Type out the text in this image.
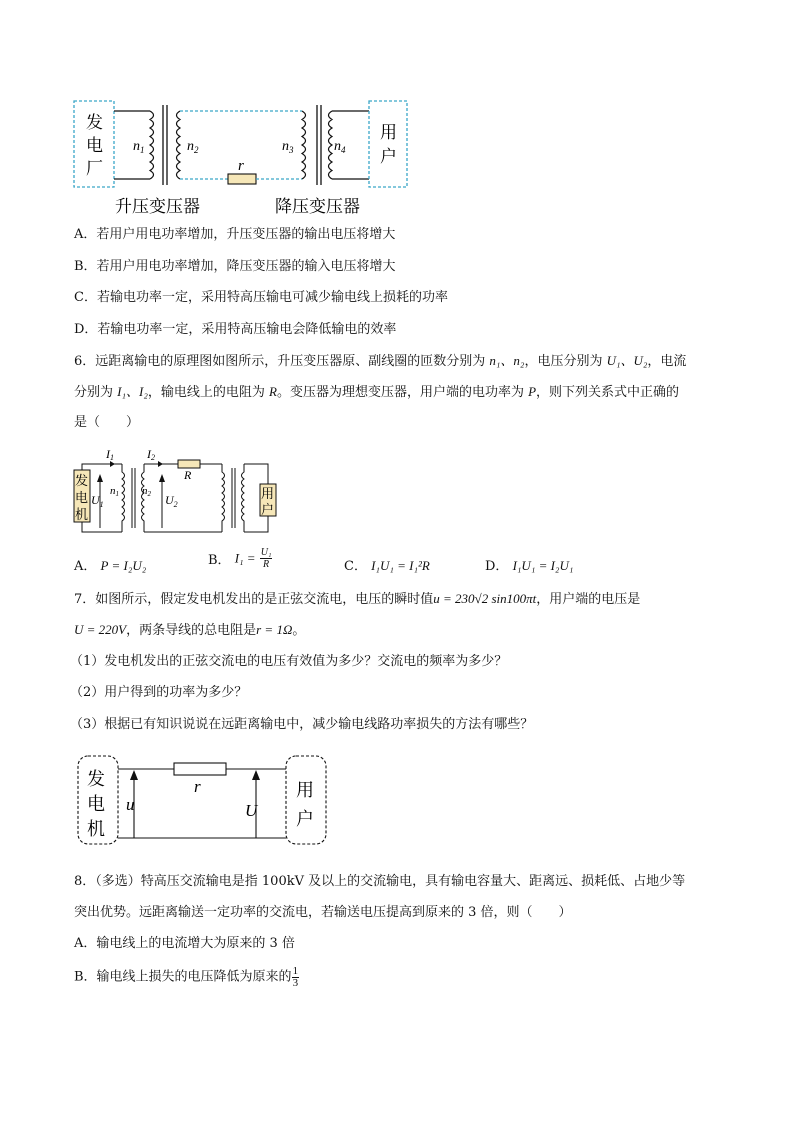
发
电
厂
$n_1$	$n_2$
r
$n_3$	$n_4$
用
户
升压变压器	降压变压器
A．若用户用电功率增加，升压变压器的输出电压将增大
B．若用户用电功率增加，降压变压器的输入电压将增大
C．若输电功率一定，采用特高压输电可减少输电线上损耗的功率
D．若输电功率一定，采用特高压输电会降低输电的效率
6．远距离输电的原理图如图所示，升压变压器原、副线圈的匝数分别为 n₁、n₂，电压分别为 U₁、U₂，电流
分别为 I₁、I₂，输电线上的电阻为 R。变压器为理想变压器，用户端的电功率为 P，则下列关系式中正确的
是（　　）
发
电
机
I1
$U_1$
n1 n2
I2
R
$U_2$
用
户
A． P = I₂U₂	B． $I_1 = \frac{\text{U₁}}{R}$	C． I₁U₁ = I₁²R	D． I₁U₁ = I₂U₁
7．如图所示，假定发电机发出的是正弦交流电，电压的瞬时值u = 230√2 sin100πt，用户端的电压是
U = 220V，两条导线的总电阻是r = 1Ω。
（1）发电机发出的正弦交流电的电压有效值为多少？交流电的频率为多少？
（2）用户得到的功率为多少？
（3）根据已有知识说说在远距离输电中，减少输电线路功率损失的方法有哪些？
发
电
机
r
u	U
用
户
8．（多选）特高压交流输电是指 100kV 及以上的交流输电，具有输电容量大、距离远、损耗低、占地少等
突出优势。远距离输送一定功率的交流电，若输送电压提高到原来的 3 倍，则（　　）
A．输电线上的电流增大为原来的 3 倍
B．输电线上损失的电压降低为原来的 $\frac{1}{3}$
